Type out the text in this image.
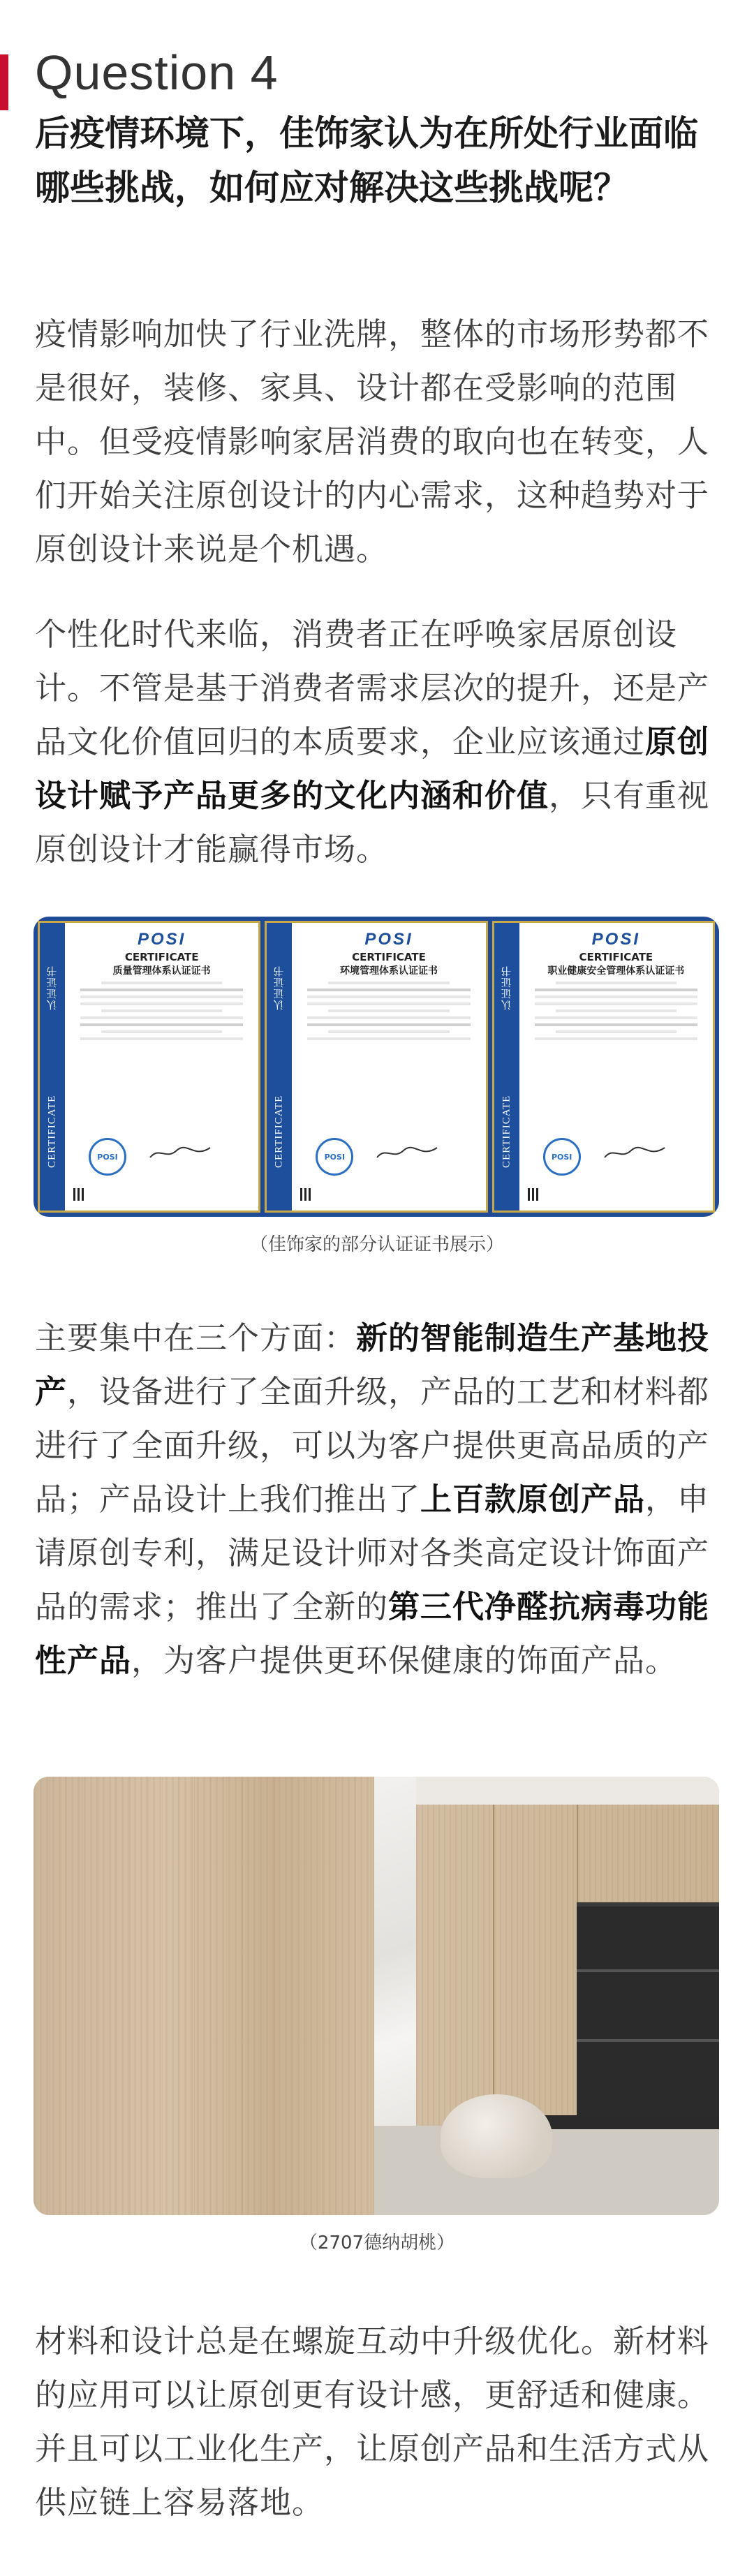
Question 4
后疫情环境下，佳饰家认为在所处行业面临哪些挑战，如何应对解决这些挑战呢？

疫情影响加快了行业洗牌，整体的市场形势都不是很好，装修、家具、设计都在受影响的范围中。但受疫情影响家居消费的取向也在转变，人们开始关注原创设计的内心需求，这种趋势对于原创设计来说是个机遇。

个性化时代来临，消费者正在呼唤家居原创设计。不管是基于消费者需求层次的提升，还是产品文化价值回归的本质要求，企业应该通过原创设计赋予产品更多的文化内涵和价值，只有重视原创设计才能赢得市场。

CERTIFICATE
认证证书
POSI
CERTIFICATE
质量管理体系认证证书
POSI	CERTIFICATE
认证证书
POSI
CERTIFICATE
环境管理体系认证证书
POSI	CERTIFICATE
认证证书
POSI
CERTIFICATE
职业健康安全管理体系认证证书
POSI
（佳饰家的部分认证证书展示）

主要集中在三个方面：新的智能制造生产基地投产，设备进行了全面升级，产品的工艺和材料都进行了全面升级，可以为客户提供更高品质的产品；产品设计上我们推出了上百款原创产品，申请原创专利，满足设计师对各类高定设计饰面产品的需求；推出了全新的第三代净醛抗病毒功能性产品，为客户提供更环保健康的饰面产品。

（2707德纳胡桃）

材料和设计总是在螺旋互动中升级优化。新材料的应用可以让原创更有设计感，更舒适和健康。并且可以工业化生产，让原创产品和生活方式从供应链上容易落地。
